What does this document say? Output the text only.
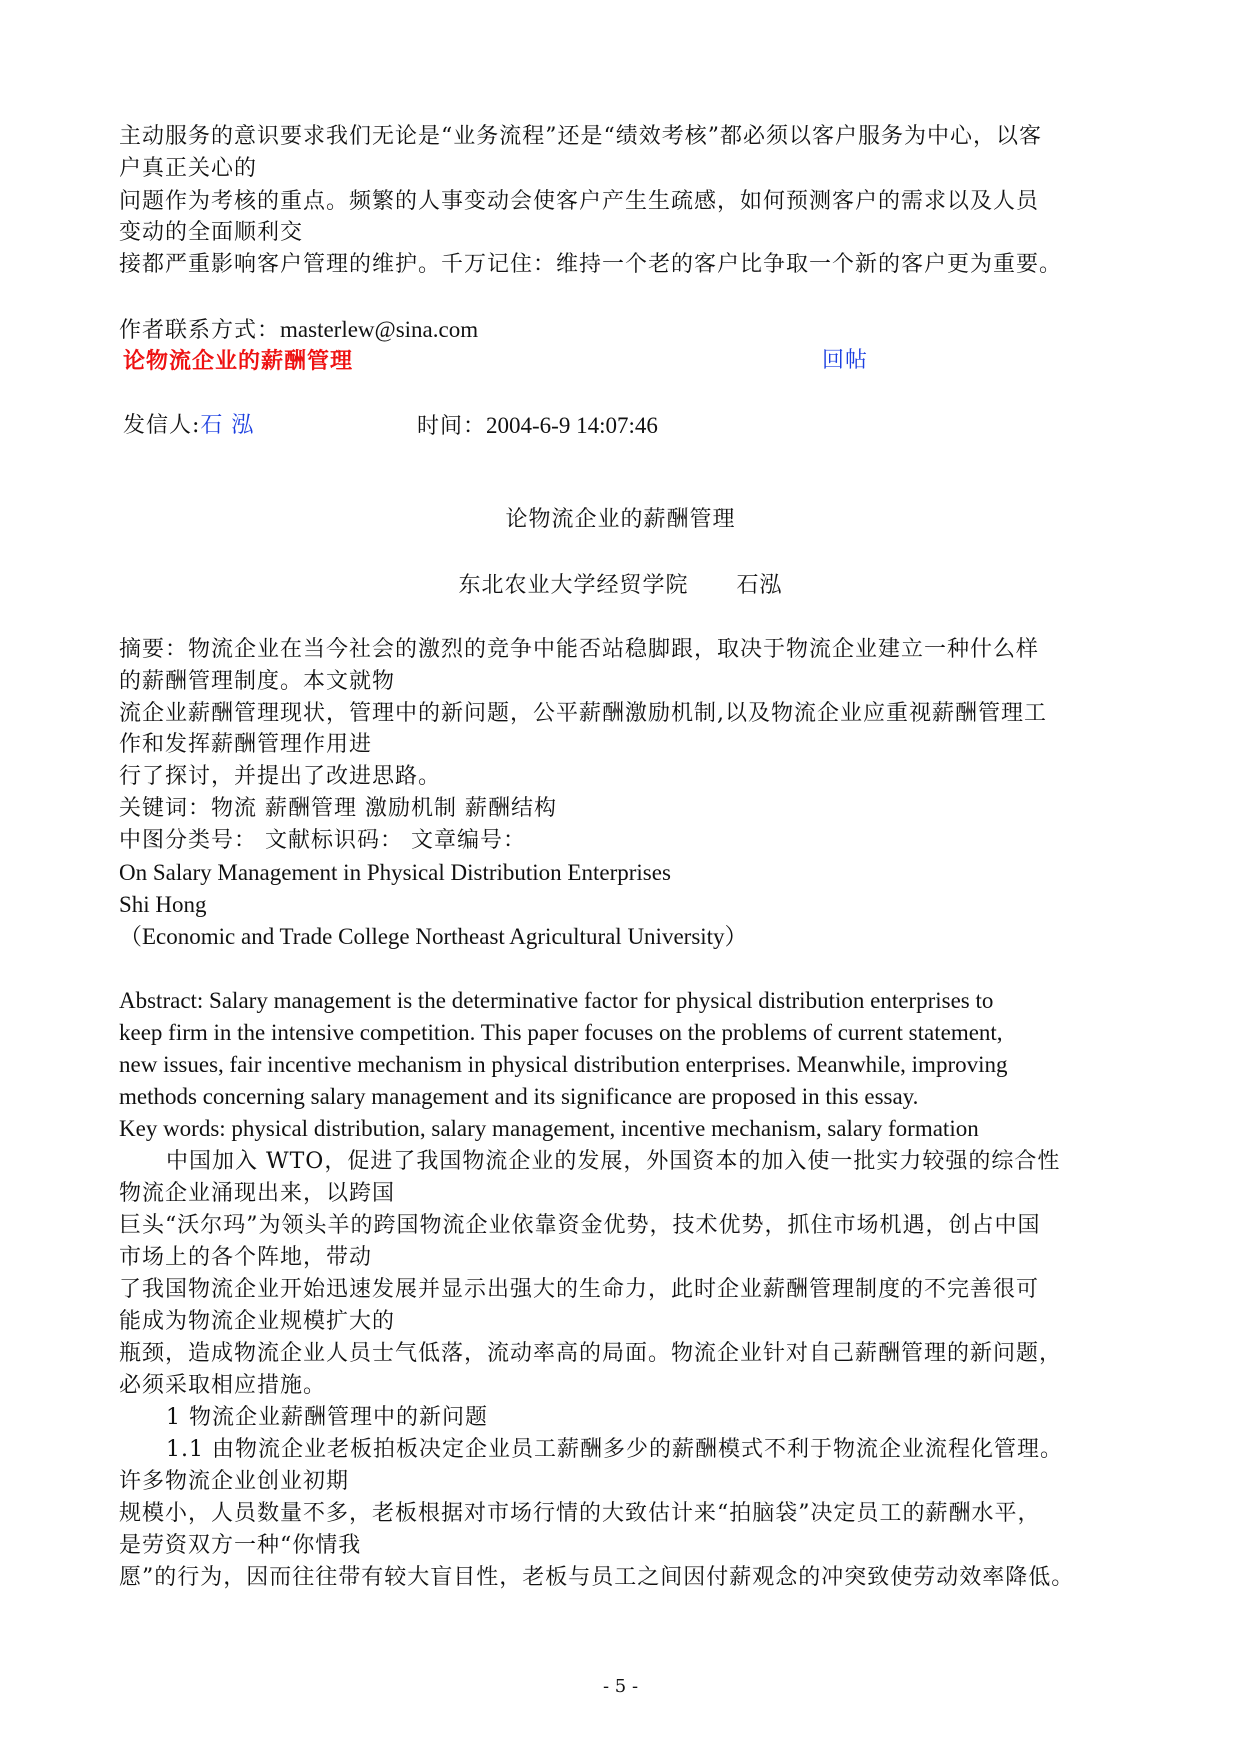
主动服务的意识要求我们无论是“业务流程”还是“绩效考核”都必须以客户服务为中心，以客

户真正关心的

问题作为考核的重点。频繁的人事变动会使客户产生生疏感，如何预测客户的需求以及人员

变动的全面顺利交

接都严重影响客户管理的维护。千万记住：维持一个老的客户比争取一个新的客户更为重要。

作者联系方式：masterlew@sina.com

论物流企业的薪酬管理	回帖

发信人:石 泓	时间：2004-6-9 14:07:46

论物流企业的薪酬管理

东北农业大学经贸学院 石泓

摘要：物流企业在当今社会的激烈的竞争中能否站稳脚跟，取决于物流企业建立一种什么样

的薪酬管理制度。本文就物

流企业薪酬管理现状，管理中的新问题，公平薪酬激励机制,以及物流企业应重视薪酬管理工

作和发挥薪酬管理作用进

行了探讨，并提出了改进思路。

关键词：物流 薪酬管理 激励机制 薪酬结构

中图分类号： 文献标识码： 文章编号：

On Salary Management in Physical Distribution Enterprises

Shi Hong

（Economic and Trade College Northeast Agricultural University）

Abstract: Salary management is the determinative factor for physical distribution enterprises to

keep firm in the intensive competition. This paper focuses on the problems of current statement,

new issues, fair incentive mechanism in physical distribution enterprises. Meanwhile, improving

methods concerning salary management and its significance are proposed in this essay.

Key words: physical distribution, salary management, incentive mechanism, salary formation

中国加入 WTO，促进了我国物流企业的发展，外国资本的加入使一批实力较强的综合性

物流企业涌现出来，以跨国

巨头“沃尔玛”为领头羊的跨国物流企业依靠资金优势，技术优势，抓住市场机遇，创占中国

市场上的各个阵地，带动

了我国物流企业开始迅速发展并显示出强大的生命力，此时企业薪酬管理制度的不完善很可

能成为物流企业规模扩大的

瓶颈，造成物流企业人员士气低落，流动率高的局面。物流企业针对自己薪酬管理的新问题，

必须采取相应措施。

1 物流企业薪酬管理中的新问题

1.1 由物流企业老板拍板决定企业员工薪酬多少的薪酬模式不利于物流企业流程化管理。

许多物流企业创业初期

规模小，人员数量不多，老板根据对市场行情的大致估计来“拍脑袋”决定员工的薪酬水平，

是劳资双方一种“你情我

愿”的行为，因而往往带有较大盲目性，老板与员工之间因付薪观念的冲突致使劳动效率降低。

- 5 -
